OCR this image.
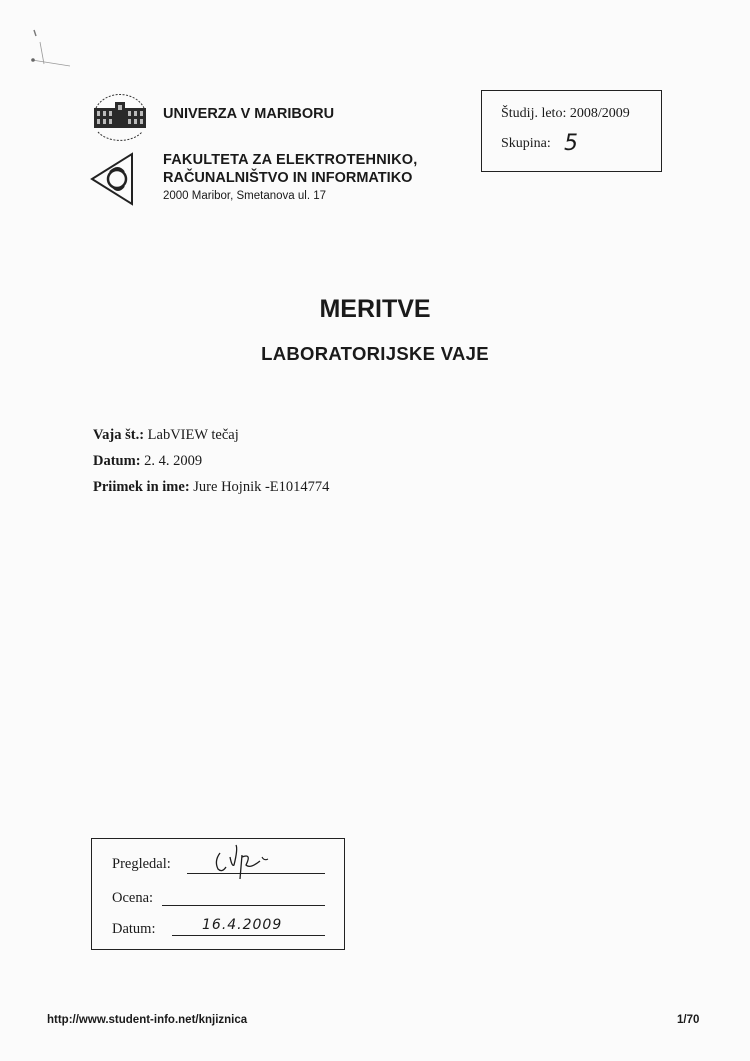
UNIVERZA V MARIBORU
FAKULTETA ZA ELEKTROTEHNIKO,
RAČUNALNIŠTVO IN INFORMATIKO
2000 Maribor, Smetanova ul. 17
Študij. leto: 2008/2009
Skupina: 5
MERITVE
LABORATORIJSKE VAJE
Vaja št.: LabVIEW tečaj
Datum: 2. 4. 2009
Priimek in ime: Jure Hojnik -E1014774
Pregledal:
Ocena:
Datum:	16.4.2009
http://www.student-info.net/knjiznica	1/70
